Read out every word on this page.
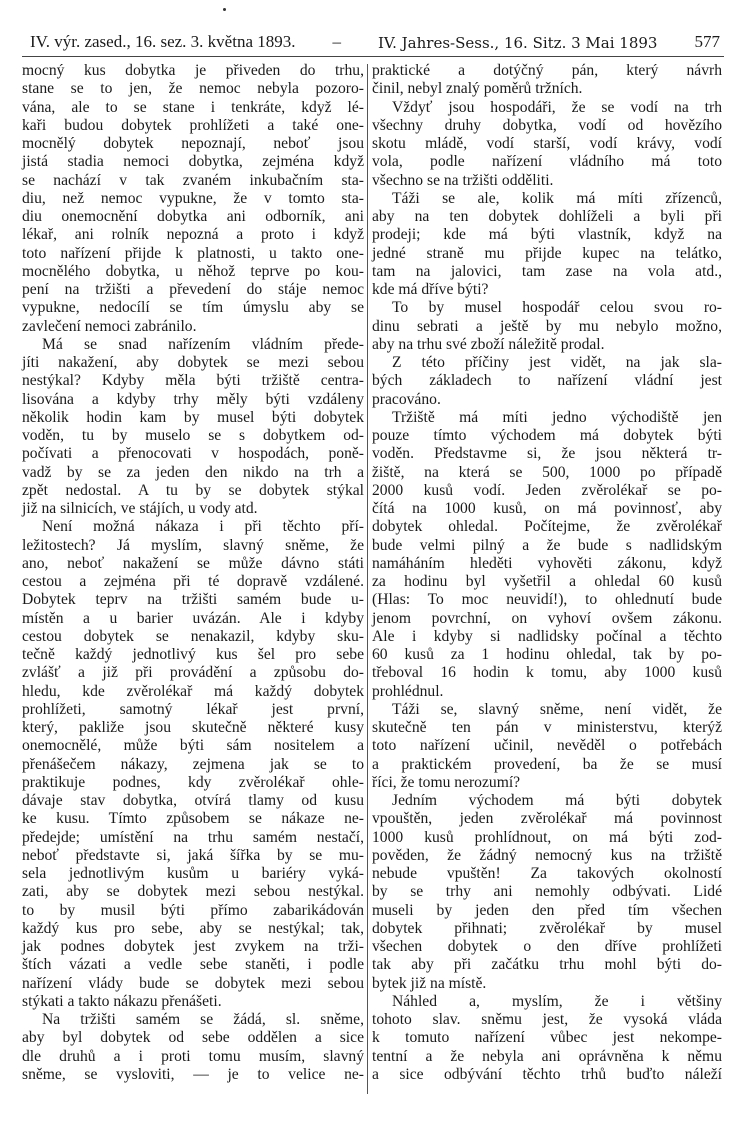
IV. výr. zased., 16. sez. 3. května 1893. – IV. Jahres-Sess., 16. Sitz. 3 Mai 1893 577
mocný kus dobytka je přiveden do trhu,
stane se to jen, že nemoc nebyla pozoro-
vána, ale to se stane i tenkráte, když lé-
kaři budou dobytek prohlížeti a také one-
mocnělý dobytek nepoznají, neboť jsou
jistá stadia nemoci dobytka, zejména když
se nachází v tak zvaném inkubačním sta-
diu, než nemoc vypukne, že v tomto sta-
diu onemocnění dobytka ani odborník, ani
lékař, ani rolník nepozná a proto i když
toto nařízení přijde k platnosti, u takto one-
mocnělého dobytka, u něhož teprve po kou-
pení na tržišti a převedení do stáje nemoc
vypukne, nedocílí se tím úmyslu aby se
zavlečení nemoci zabránilo.
Má se snad nařízením vládním přede-
jíti nakažení, aby dobytek se mezi sebou
nestýkal? Kdyby měla býti tržiště centra-
lisována a kdyby trhy měly býti vzdáleny
několik hodin kam by musel býti dobytek
voděn, tu by muselo se s dobytkem od-
počívati a přenocovati v hospodách, poně-
vadž by se za jeden den nikdo na trh a
zpět nedostal. A tu by se dobytek stýkal
již na silnicích, ve stájích, u vody atd.
Není možná nákaza i při těchto pří-
ležitostech? Já myslím, slavný sněme, že
ano, neboť nakažení se může dávno státi
cestou a zejména při té dopravě vzdálené.
Dobytek teprv na tržišti samém bude u-
místěn a u barier uvázán. Ale i kdyby
cestou dobytek se nenakazil, kdyby sku-
tečně každý jednotlivý kus šel pro sebe
zvlášť a již při provádění a způsobu do-
hledu, kde zvěrolékař má každý dobytek
prohlížeti, samotný lékař jest první,
který, pakliže jsou skutečně některé kusy
onemocnělé, může býti sám nositelem a
přenášečem nákazy, zejmena jak se to
praktikuje podnes, kdy zvěrolékař ohle-
dávaje stav dobytka, otvírá tlamy od kusu
ke kusu. Tímto způsobem se nákaze ne-
předejde; umístění na trhu samém nestačí,
neboť představte si, jaká šířka by se mu-
sela jednotlivým kusům u bariéry vyká-
zati, aby se dobytek mezi sebou nestýkal.
to by musil býti přímo zabarikádován
každý kus pro sebe, aby se nestýkal; tak,
jak podnes dobytek jest zvykem na trži-
štích vázati a vedle sebe staněti, i podle
nařízení vlády bude se dobytek mezi sebou
stýkati a takto nákazu přenášeti.
Na tržišti samém se žádá, sl. sněme,
aby byl dobytek od sebe oddělen a sice
dle druhů a i proti tomu musím, slavný
sněme, se vysloviti, — je to velice ne-
praktické a dotýčný pán, který návrh
činil, nebyl znalý poměrů tržních.
Vždyť jsou hospodáři, že se vodí na trh
všechny druhy dobytka, vodí od hovězího
skotu mládě, vodí starší, vodí krávy, vodí
vola, podle nařízení vládního má toto
všechno se na tržišti odděliti.
Táži se ale, kolik má míti zřízenců,
aby na ten dobytek dohlíželi a byli při
prodeji; kde má býti vlastník, když na
jedné straně mu přijde kupec na telátko,
tam na jalovici, tam zase na vola atd.,
kde má dříve býti?
To by musel hospodář celou svou ro-
dinu sebrati a ještě by mu nebylo možno,
aby na trhu své zboží náležitě prodal.
Z této příčiny jest vidět, na jak sla-
bých základech to nařízení vládní jest
pracováno.
Tržiště má míti jedno východiště jen
pouze tímto východem má dobytek býti
voděn. Představme si, že jsou některá tr-
žiště, na která se 500, 1000 po případě
2000 kusů vodí. Jeden zvěrolékař se po-
čítá na 1000 kusů, on má povinnosť, aby
dobytek ohledal. Počítejme, že zvěrolékař
bude velmi pilný a že bude s nadlidským
namáháním hleděti vyhověti zákonu, když
za hodinu byl vyšetřil a ohledal 60 kusů
(Hlas: To moc neuvidí!), to ohlednutí bude
jenom povrchní, on vyhoví ovšem zákonu.
Ale i kdyby si nadlidsky počínal a těchto
60 kusů za 1 hodinu ohledal, tak by po-
třeboval 16 hodin k tomu, aby 1000 kusů
prohlédnul.
Táži se, slavný sněme, není vidět, že
skutečně ten pán v ministerstvu, kterýž
toto nařízení učinil, nevěděl o potřebách
a praktickém provedení, ba že se musí
říci, že tomu nerozumí?
Jedním východem má býti dobytek
vpouštěn, jeden zvěrolékař má povinnost
1000 kusů prohlídnout, on má býti zod-
pověden, že žádný nemocný kus na tržiště
nebude vpuštěn! Za takových okolností
by se trhy ani nemohly odbývati. Lidé
museli by jeden den před tím všechen
dobytek přihnati; zvěrolékař by musel
všechen dobytek o den dříve prohlížeti
tak aby při začátku trhu mohl býti do-
bytek již na místě.
Náhled a, myslím, že i většiny
tohoto slav. sněmu jest, že vysoká vláda
k tomuto nařízení vůbec jest nekompe-
tentní a že nebyla ani oprávněna k němu
a sice odbývání těchto trhů buďto náleží
